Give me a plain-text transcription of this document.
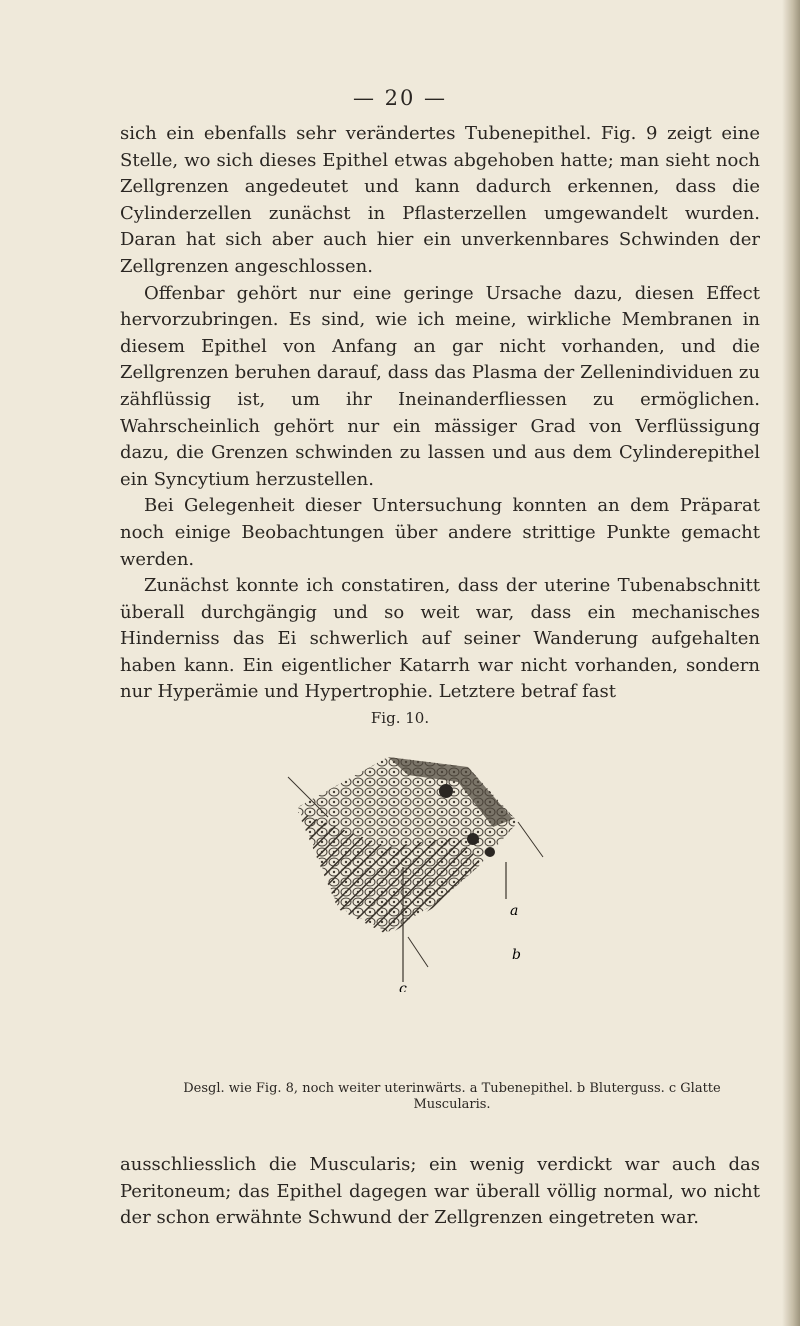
— 20 —

sich ein ebenfalls sehr verändertes Tubenepithel. Fig. 9 zeigt eine Stelle, wo sich dieses Epithel etwas abgehoben hatte; man sieht noch Zellgrenzen angedeutet und kann dadurch erkennen, dass die Cylinderzellen zunächst in Pflasterzellen umgewandelt wurden. Daran hat sich aber auch hier ein unverkennbares Schwinden der Zellgrenzen angeschlossen.

Offenbar gehört nur eine geringe Ursache dazu, diesen Effect hervorzubringen. Es sind, wie ich meine, wirkliche Membranen in diesem Epithel von Anfang an gar nicht vorhanden, und die Zellgrenzen beruhen darauf, dass das Plasma der Zellenindividuen zu zähflüssig ist, um ihr Ineinanderfliessen zu ermöglichen. Wahrscheinlich gehört nur ein mässiger Grad von Verflüssigung dazu, die Grenzen schwinden zu lassen und aus dem Cylinderepithel ein Syncytium herzustellen.

Bei Gelegenheit dieser Untersuchung konnten an dem Präparat noch einige Beobachtungen über andere strittige Punkte gemacht werden.

Zunächst konnte ich constatiren, dass der uterine Tubenabschnitt überall durchgängig und so weit war, dass ein mechanisches Hinderniss das Ei schwerlich auf seiner Wanderung aufgehalten haben kann. Ein eigentlicher Katarrh war nicht vorhanden, sondern nur Hyperämie und Hypertrophie. Letztere betraf fast

Fig. 10.
a
b
c
Desgl. wie Fig. 8, noch weiter uterinwärts. a Tubenepithel. b Bluterguss. c Glatte Muscularis.

ausschliesslich die Muscularis; ein wenig verdickt war auch das Peritoneum; das Epithel dagegen war überall völlig normal, wo nicht der schon erwähnte Schwund der Zellgrenzen eingetreten war.
